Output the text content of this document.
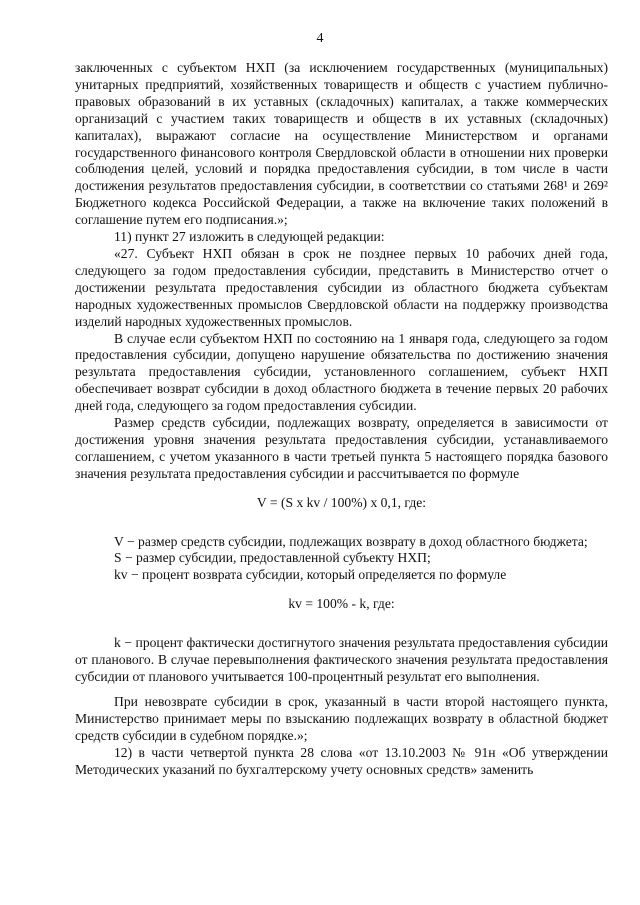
4

заключенных с субъектом НХП (за исключением государственных (муниципальных) унитарных предприятий, хозяйственных товариществ и обществ с участием публично-правовых образований в их уставных (складочных) капиталах, а также коммерческих организаций с участием таких товариществ и обществ в их уставных (складочных) капиталах), выражают согласие на осуществление Министерством и органами государственного финансового контроля Свердловской области в отношении них проверки соблюдения целей, условий и порядка предоставления субсидии, в том числе в части достижения результатов предоставления субсидии, в соответствии со статьями 268¹ и 269² Бюджетного кодекса Российской Федерации, а также на включение таких положений в соглашение путем его подписания.»;

11) пункт 27 изложить в следующей редакции:

«27. Субъект НХП обязан в срок не позднее первых 10 рабочих дней года, следующего за годом предоставления субсидии, представить в Министерство отчет о достижении результата предоставления субсидии из областного бюджета субъектам народных художественных промыслов Свердловской области на поддержку производства изделий народных художественных промыслов.

В случае если субъектом НХП по состоянию на 1 января года, следующего за годом предоставления субсидии, допущено нарушение обязательства по достижению значения результата предоставления субсидии, установленного соглашением, субъект НХП обеспечивает возврат субсидии в доход областного бюджета в течение первых 20 рабочих дней года, следующего за годом предоставления субсидии.

Размер средств субсидии, подлежащих возврату, определяется в зависимости от достижения уровня значения результата предоставления субсидии, устанавливаемого соглашением, с учетом указанного в части третьей пункта 5 настоящего порядка базового значения результата предоставления субсидии и рассчитывается по формуле

V = (S x kv / 100%) x 0,1, где:

V − размер средств субсидии, подлежащих возврату в доход областного бюджета;

S − размер субсидии, предоставленной субъекту НХП;

kv − процент возврата субсидии, который определяется по формуле

kv = 100% - k, где:

k − процент фактически достигнутого значения результата предоставления субсидии от планового. В случае перевыполнения фактического значения результата предоставления субсидии от планового учитывается 100-процентный результат его выполнения.

При невозврате субсидии в срок, указанный в части второй настоящего пункта, Министерство принимает меры по взысканию подлежащих возврату в областной бюджет средств субсидии в судебном порядке.»;

12) в части четвертой пункта 28 слова «от 13.10.2003 № 91н «Об утверждении Методических указаний по бухгалтерскому учету основных средств» заменить
